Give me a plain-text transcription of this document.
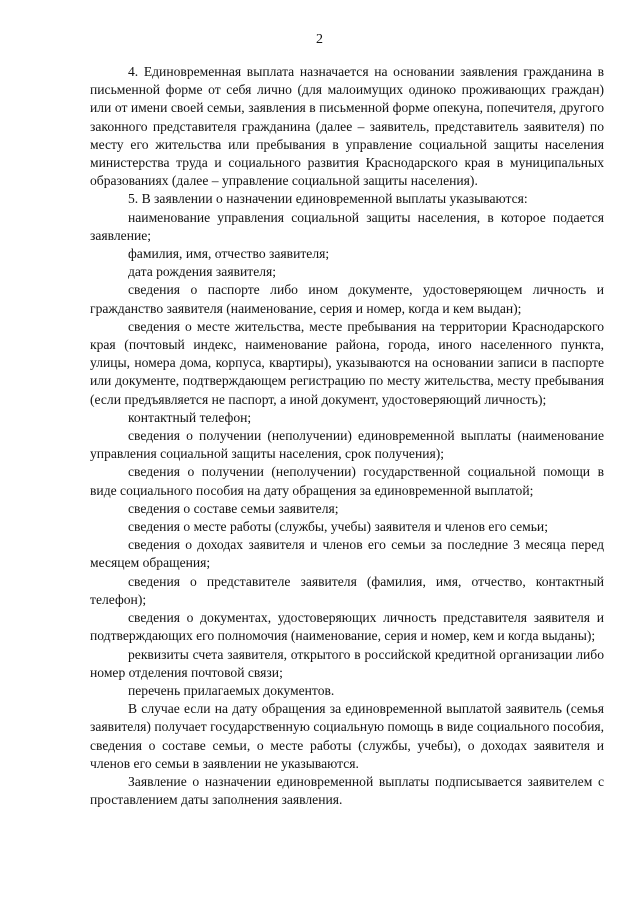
2

4. Единовременная выплата назначается на основании заявления гражданина в письменной форме от себя лично (для малоимущих одиноко проживающих граждан) или от имени своей семьи, заявления в письменной форме опекуна, попечителя, другого законного представителя гражданина (далее – заявитель, представитель заявителя) по месту его жительства или пребывания в управление социальной защиты населения министерства труда и социального развития Краснодарского края в муниципальных образованиях (далее – управление социальной защиты населения).

5. В заявлении о назначении единовременной выплаты указываются:

наименование управления социальной защиты населения, в которое подается заявление;

фамилия, имя, отчество заявителя;

дата рождения заявителя;

сведения о паспорте либо ином документе, удостоверяющем личность и гражданство заявителя (наименование, серия и номер, когда и кем выдан);

сведения о месте жительства, месте пребывания на территории Краснодарского края (почтовый индекс, наименование района, города, иного населенного пункта, улицы, номера дома, корпуса, квартиры), указываются на основании записи в паспорте или документе, подтверждающем регистрацию по месту жительства, месту пребывания (если предъявляется не паспорт, а иной документ, удостоверяющий личность);

контактный телефон;

сведения о получении (неполучении) единовременной выплаты (наименование управления социальной защиты населения, срок получения);

сведения о получении (неполучении) государственной социальной помощи в виде социального пособия на дату обращения за единовременной выплатой;

сведения о составе семьи заявителя;

сведения о месте работы (службы, учебы) заявителя и членов его семьи;

сведения о доходах заявителя и членов его семьи за последние 3 месяца перед месяцем обращения;

сведения о представителе заявителя (фамилия, имя, отчество, контактный телефон);

сведения о документах, удостоверяющих личность представителя заявителя и подтверждающих его полномочия (наименование, серия и номер, кем и когда выданы);

реквизиты счета заявителя, открытого в российской кредитной организации либо номер отделения почтовой связи;

перечень прилагаемых документов.

В случае если на дату обращения за единовременной выплатой заявитель (семья заявителя) получает государственную социальную помощь в виде социального пособия, сведения о составе семьи, о месте работы (службы, учебы), о доходах заявителя и членов его семьи в заявлении не указываются.

Заявление о назначении единовременной выплаты подписывается заявителем с проставлением даты заполнения заявления.
